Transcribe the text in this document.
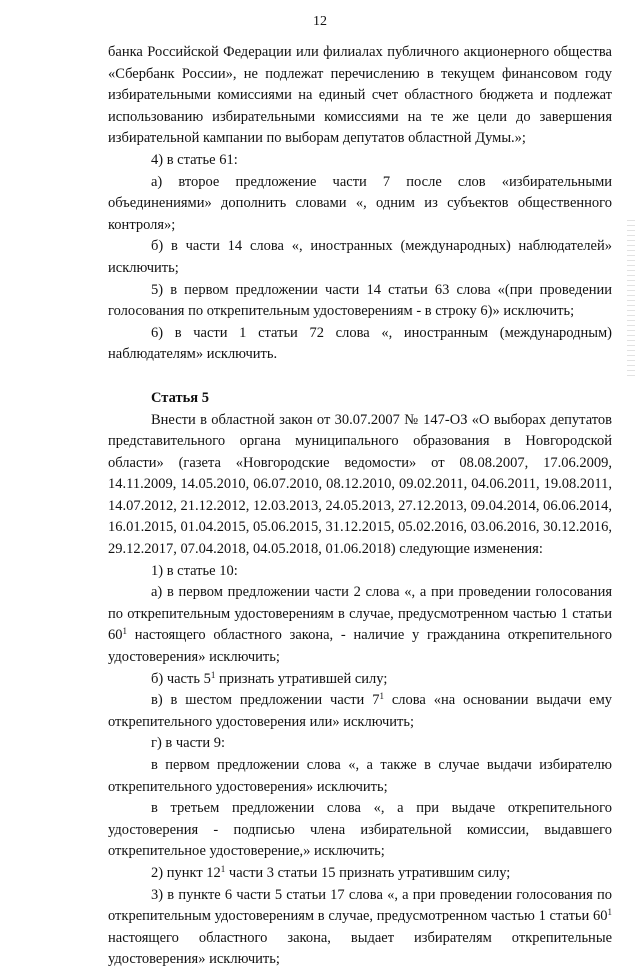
12

банка Российской Федерации или филиалах публичного акционерного общества «Сбербанк России», не подлежат перечислению в текущем финансовом году избирательными комиссиями на единый счет областного бюджета и подлежат использованию избирательными комиссиями на те же цели до завершения избирательной кампании по выборам депутатов областной Думы.»;

4) в статье 61:

а) второе предложение части 7 после слов «избирательными объединениями» дополнить словами «, одним из субъектов общественного контроля»;

б) в части 14 слова «, иностранных (международных) наблюдателей» исключить;

5) в первом предложении части 14 статьи 63 слова «(при проведении голосования по открепительным удостоверениям - в строку 6)» исключить;

6) в части 1 статьи 72 слова «, иностранным (международным) наблюдателям» исключить.

Статья 5

Внести в областной закон от 30.07.2007 № 147-ОЗ «О выборах депутатов представительного органа муниципального образования в Новгородской области» (газета «Новгородские ведомости» от 08.08.2007, 17.06.2009, 14.11.2009, 14.05.2010, 06.07.2010, 08.12.2010, 09.02.2011, 04.06.2011, 19.08.2011, 14.07.2012, 21.12.2012, 12.03.2013, 24.05.2013, 27.12.2013, 09.04.2014, 06.06.2014, 16.01.2015, 01.04.2015, 05.06.2015, 31.12.2015, 05.02.2016, 03.06.2016, 30.12.2016, 29.12.2017, 07.04.2018, 04.05.2018, 01.06.2018) следующие изменения:

1) в статье 10:

а) в первом предложении части 2 слова «, а при проведении голосования по открепительным удостоверениям в случае, предусмотренном частью 1 статьи $60^1$ настоящего областного закона, - наличие у гражданина открепительного удостоверения» исключить;

б) часть $5^1$ признать утратившей силу;

в) в шестом предложении части $7^1$ слова «на основании выдачи ему открепительного удостоверения или» исключить;

г) в части 9:

в первом предложении слова «, а также в случае выдачи избирателю открепительного удостоверения» исключить;

в третьем предложении слова «, а при выдаче открепительного удостоверения - подписью члена избирательной комиссии, выдавшего открепительное удостоверение,» исключить;

2) пункт $12^1$ части 3 статьи 15 признать утратившим силу;

3) в пункте 6 части 5 статьи 17 слова «, а при проведении голосования по открепительным удостоверениям в случае, предусмотренном частью 1 статьи $60^1$ настоящего областного закона, выдает избирателям открепительные удостоверения» исключить;
